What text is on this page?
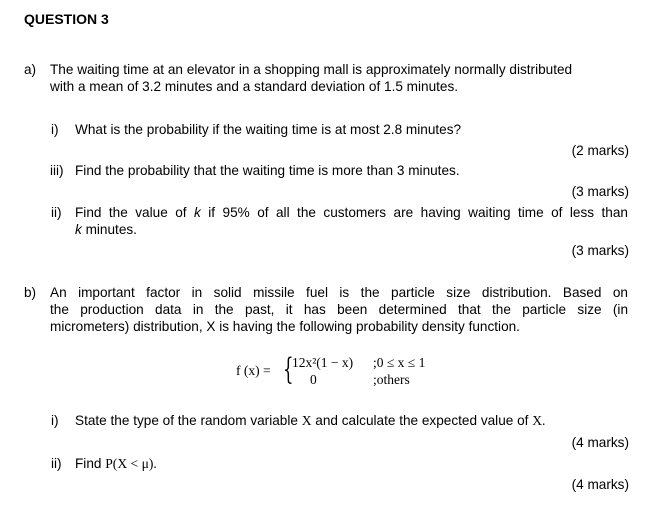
QUESTION 3
a) The waiting time at an elevator in a shopping mall is approximately normally distributed
with a mean of 3.2 minutes and a standard deviation of 1.5 minutes.
i) What is the probability if the waiting time is at most 2.8 minutes?
(2 marks)
iii) Find the probability that the waiting time is more than 3 minutes.
(3 marks)
ii) Find the value of k if 95% of all the customers are having waiting time of less than
k minutes.
(3 marks)
b) An important factor in solid missile fuel is the particle size distribution. Based on
the production data in the past, it has been determined that the particle size (in
micrometers) distribution, X is having the following probability density function.
f (x) = {
12x²(1 − x) ;0 ≤ x ≤ 1
0	;others
i) State the type of the random variable X and calculate the expected value of X.
(4 marks)
ii) Find P(X < μ).
(4 marks)
